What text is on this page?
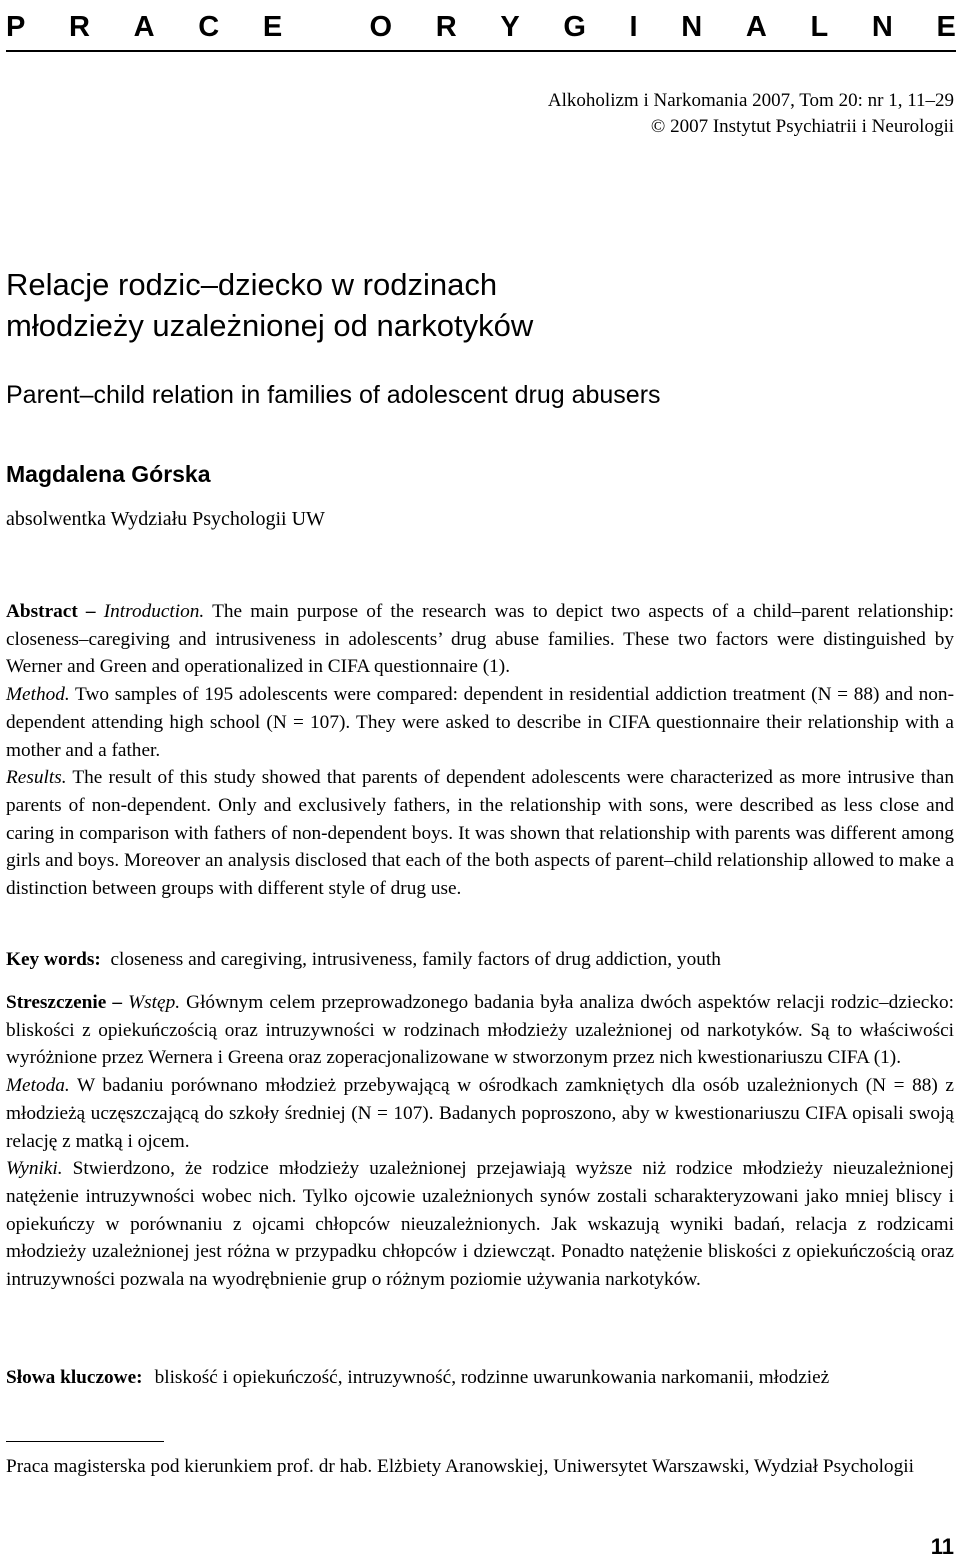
P R A C E	O R Y G I N A L N E
Alkoholizm i Narkomania 2007, Tom 20: nr 1, 11–29
© 2007 Instytut Psychiatrii i Neurologii
Relacje rodzic–dziecko w rodzinach
młodzieży uzależnionej od narkotyków
Parent–child relation in families of adolescent drug abusers
Magdalena Górska
absolwentka Wydziału Psychologii UW

Abstract – Introduction. The main purpose of the research was to depict two aspects of a child–parent relationship: closeness–caregiving and intrusiveness in adolescents’ drug abuse families. These two factors were distinguished by Werner and Green and operationalized in CIFA questionnaire (1).
Method. Two samples of 195 adolescents were compared: dependent in residential addiction treatment (N = 88) and non-dependent attending high school (N = 107). They were asked to describe in CIFA questionnaire their relationship with a mother and a father.
Results. The result of this study showed that parents of dependent adolescents were characterized as more intrusive than parents of non-dependent. Only and exclusively fathers, in the relationship with sons, were described as less close and caring in comparison with fathers of non-dependent boys. It was shown that relationship with parents was different among girls and boys. Moreover an analysis disclosed that each of the both aspects of parent–child relationship allowed to make a distinction between groups with different style of drug use.

Key words: closeness and caregiving, intrusiveness, family factors of drug addiction, youth

Streszczenie – Wstęp. Głównym celem przeprowadzonego badania była analiza dwóch aspektów relacji rodzic–dziecko: bliskości z opiekuńczością oraz intruzywności w rodzinach młodzieży uzależnionej od narkotyków. Są to właściwości wyróżnione przez Wernera i Greena oraz zoperacjonalizowane w stworzonym przez nich kwestionariuszu CIFA (1).
Metoda. W badaniu porównano młodzież przebywającą w ośrodkach zamkniętych dla osób uzależnionych (N = 88) z młodzieżą uczęszczającą do szkoły średniej (N = 107). Badanych poproszono, aby w kwestionariuszu CIFA opisali swoją relację z matką i ojcem.
Wyniki. Stwierdzono, że rodzice młodzieży uzależnionej przejawiają wyższe niż rodzice młodzieży nieuzależnionej natężenie intruzywności wobec nich. Tylko ojcowie uzależnionych synów zostali scharakteryzowani jako mniej bliscy i opiekuńczy w porównaniu z ojcami chłopców nieuzależnionych. Jak wskazują wyniki badań, relacja z rodzicami młodzieży uzależnionej jest różna w przypadku chłopców i dziewcząt. Ponadto natężenie bliskości z opiekuńczością oraz intruzywności pozwala na wyodrębnienie grup o różnym poziomie używania narkotyków.

Słowa kluczowe: bliskość i opiekuńczość, intruzywność, rodzinne uwarunkowania narkomanii, młodzież
Praca magisterska pod kierunkiem prof. dr hab. Elżbiety Aranowskiej, Uniwersytet Warszawski, Wydział Psychologii
11
